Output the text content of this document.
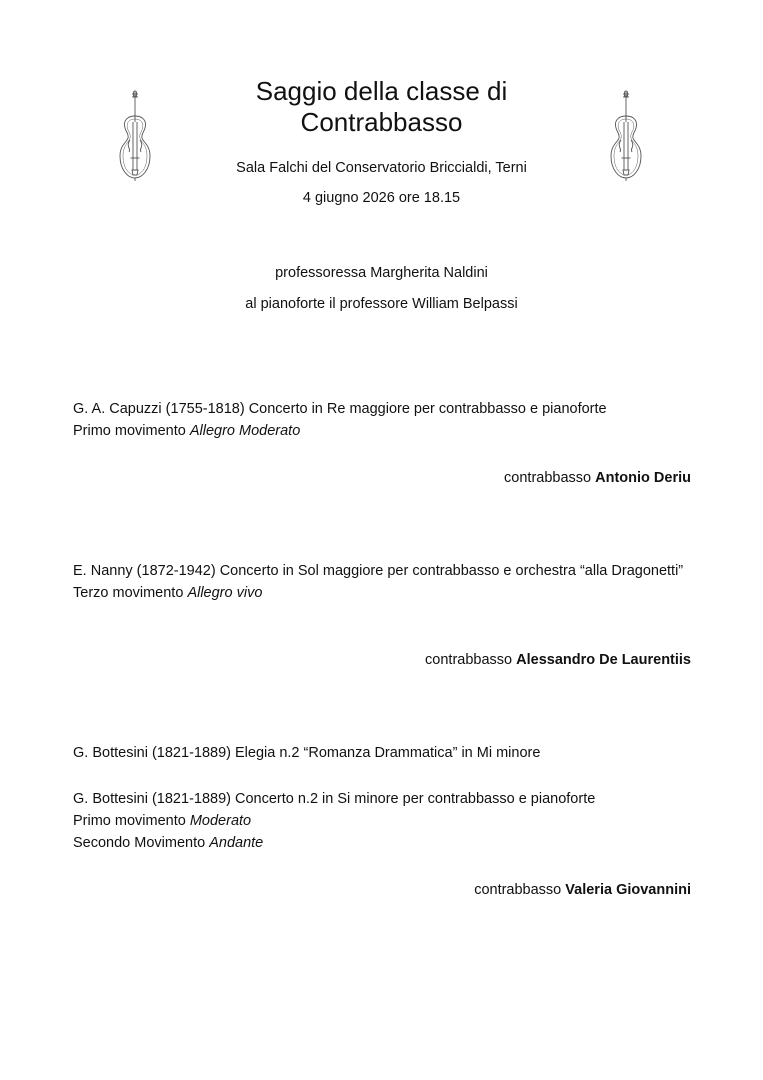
Saggio della classe di
Contrabbasso
Sala Falchi del Conservatorio Briccialdi, Terni
4 giugno 2026 ore 18.15
professoressa Margherita Naldini
al pianoforte il professore William Belpassi

G. A. Capuzzi (1755-1818) Concerto in Re maggiore per contrabbasso e pianoforte

Primo movimento Allegro Moderato

contrabbasso Antonio Deriu

E. Nanny (1872-1942) Concerto in Sol maggiore per contrabbasso e orchestra “alla Dragonetti”

Terzo movimento Allegro vivo

contrabbasso Alessandro De Laurentiis

G. Bottesini (1821-1889) Elegia n.2 “Romanza Drammatica” in Mi minore

G. Bottesini (1821-1889) Concerto n.2 in Si minore per contrabbasso e pianoforte

Primo movimento Moderato

Secondo Movimento Andante

contrabbasso Valeria Giovannini
